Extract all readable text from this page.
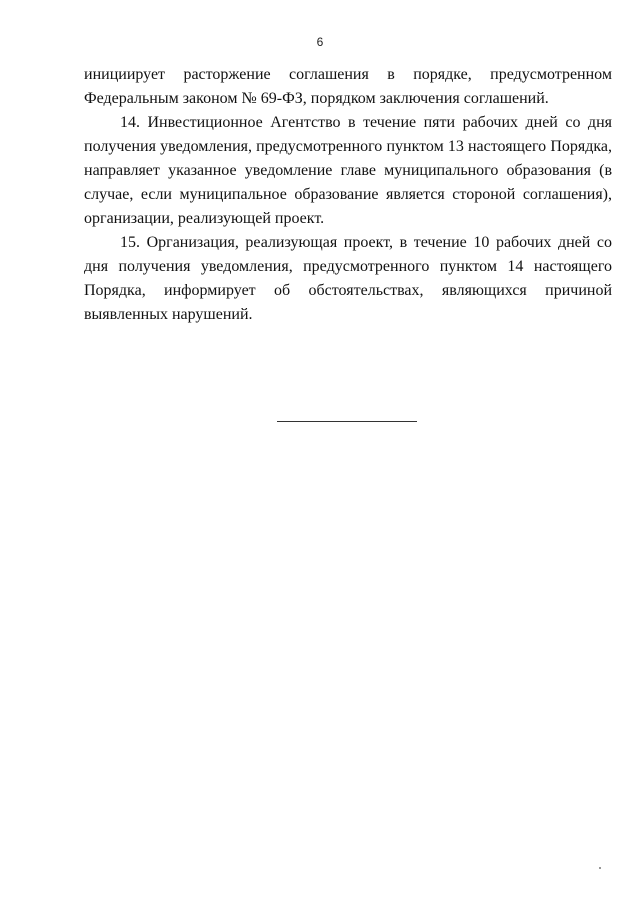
6

инициирует расторжение соглашения в порядке, предусмотренном Федеральным законом № 69-ФЗ, порядком заключения соглашений.

14. Инвестиционное Агентство в течение пяти рабочих дней со дня получения уведомления, предусмотренного пунктом 13 настоящего Порядка, направляет указанное уведомление главе муниципального образования (в случае, если муниципальное образование является стороной соглашения), организации, реализующей проект.

15. Организация, реализующая проект, в течение 10 рабочих дней со дня получения уведомления, предусмотренного пунктом 14 настоящего Порядка, информирует об обстоятельствах, являющихся причиной выявленных нарушений.
